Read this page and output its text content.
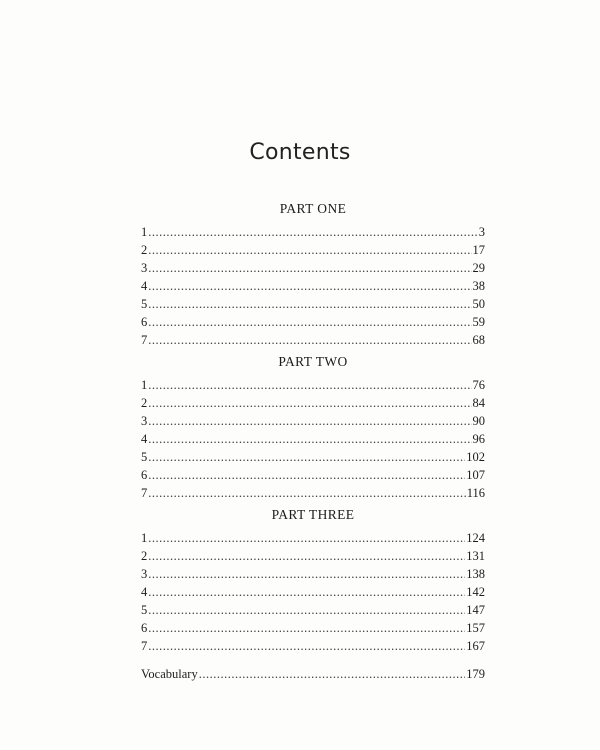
Contents
PART ONE
1 .....	3
2 .....	17
3 .....	29
4 .....	38
5 .....	50
6 .....	59
7 .....	68
PART TWO
1 .....	76
2 .....	84
3 .....	90
4 .....	96
5 .....	102
6 .....	107
7 .....	116
PART THREE
1 .....	124
2 .....	131
3 .....	138
4 .....	142
5 .....	147
6 .....	157
7 .....	167
Vocabulary .....	179
